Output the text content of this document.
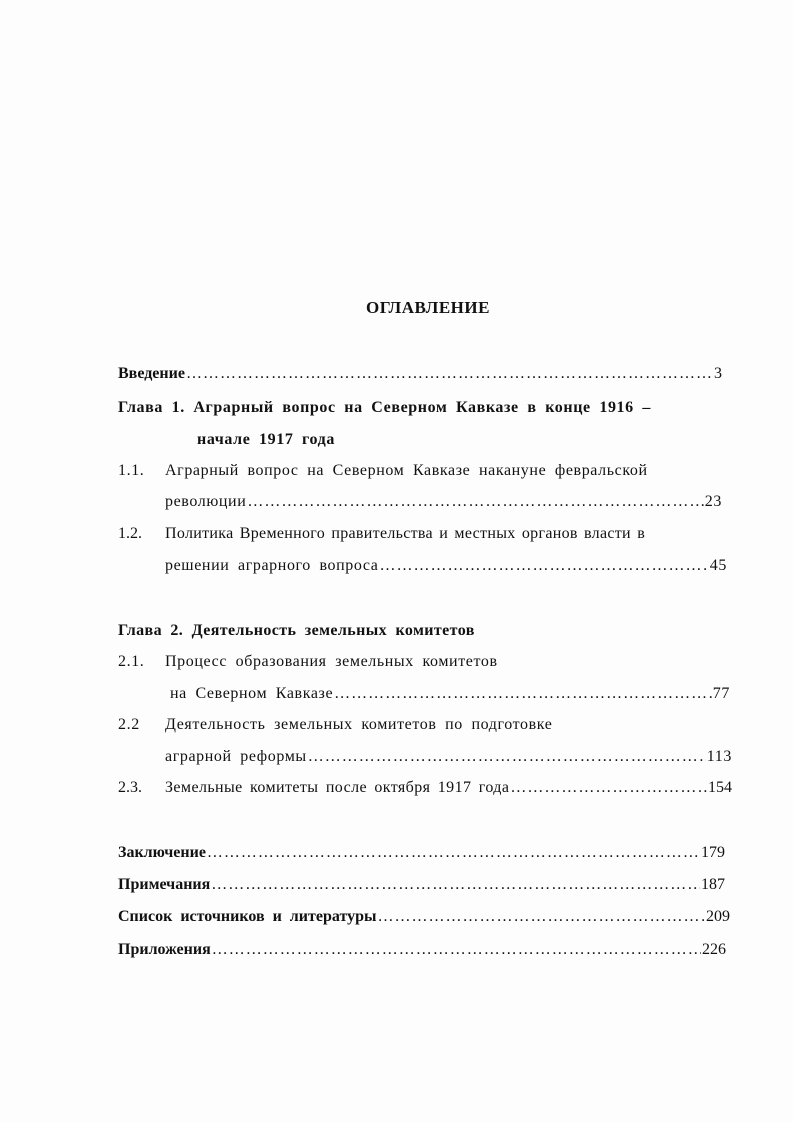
ОГЛАВЛЕНИЕ
Введение …………………………………………………………………………………………………………………………………………………………………………………………………………	3
Глава 1. Аграрный вопрос на Северном Кавказе в конце 1916 –
начале 1917 года
1.1.	Аграрный вопрос на Северном Кавказе накануне февральской
революции …………………………………………………………………………………………………………………………………………………………………………………………………………	23
1.2.	Политика Временного правительства и местных органов власти в
решении аграрного вопроса …………………………………………………………………………………………………………………………………………………………………………………………………………	45
Глава 2. Деятельность земельных комитетов
2.1.	Процесс образования земельных комитетов
на Северном Кавказе …………………………………………………………………………………………………………………………………………………………………………………………………………	77
2.2	Деятельность земельных комитетов по подготовке
аграрной реформы …………………………………………………………………………………………………………………………………………………………………………………………………………	113
2.3.	Земельные комитеты после октября 1917 года …………………………………………………………………………………………………………………………………………………………………………………………………………	154
Заключение …………………………………………………………………………………………………………………………………………………………………………………………………………	179
Примечания …………………………………………………………………………………………………………………………………………………………………………………………………………	187
Список источников и литературы …………………………………………………………………………………………………………………………………………………………………………………………………………	209
Приложения …………………………………………………………………………………………………………………………………………………………………………………………………………	226
